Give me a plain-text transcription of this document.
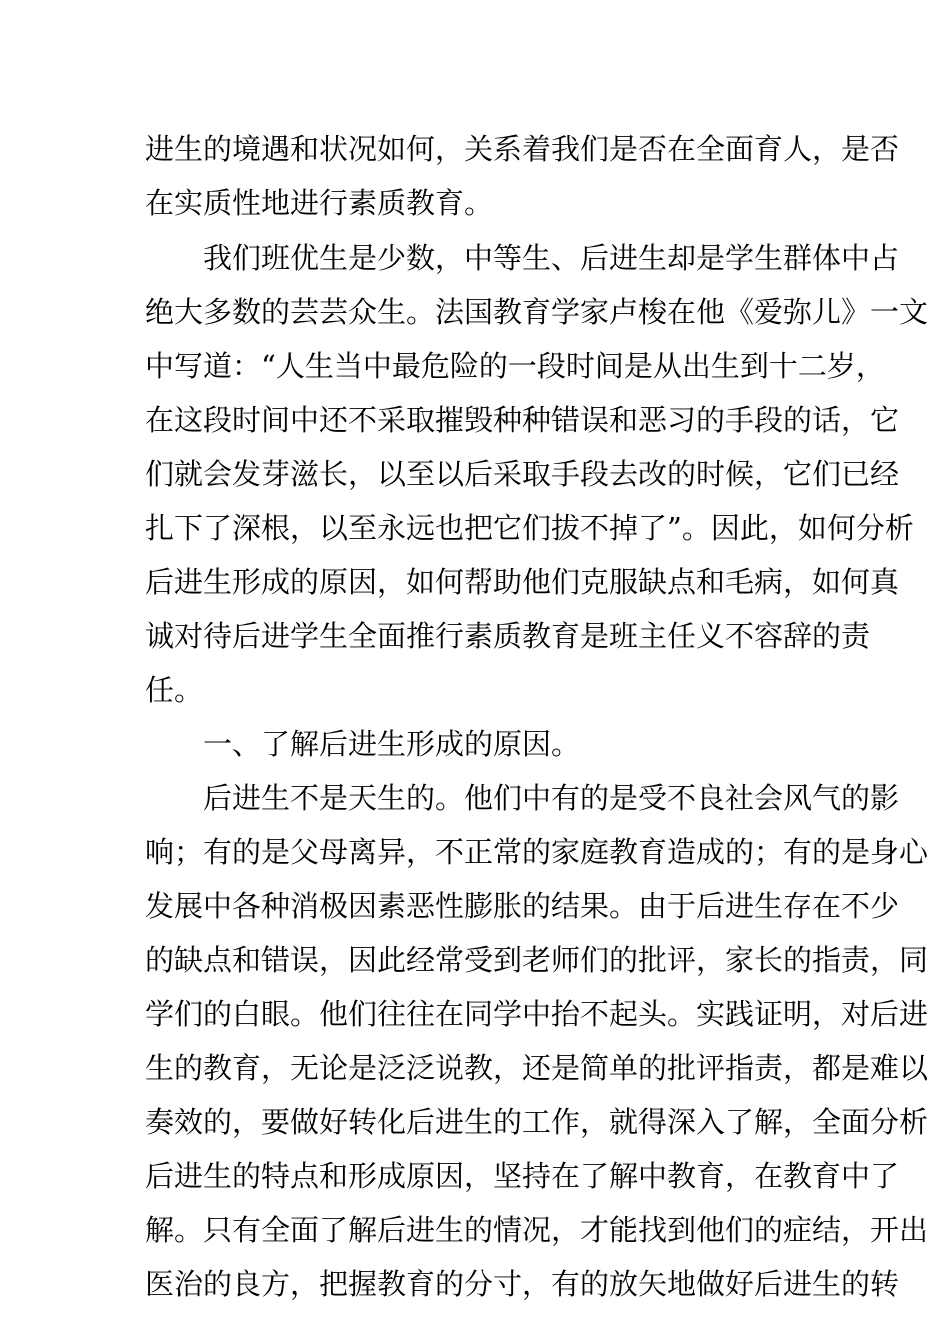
进生的境遇和状况如何，关系着我们是否在全面育人，是否
在实质性地进行素质教育。
我们班优生是少数，中等生、后进生却是学生群体中占
绝大多数的芸芸众生。法国教育学家卢梭在他《爱弥儿》一文
中写道：“人生当中最危险的一段时间是从出生到十二岁，
在这段时间中还不采取摧毁种种错误和恶习的手段的话，它
们就会发芽滋长，以至以后采取手段去改的时候，它们已经
扎下了深根，以至永远也把它们拔不掉了”。因此，如何分析
后进生形成的原因，如何帮助他们克服缺点和毛病，如何真
诚对待后进学生全面推行素质教育是班主任义不容辞的责
任。
一、了解后进生形成的原因。
后进生不是天生的。他们中有的是受不良社会风气的影
响；有的是父母离异，不正常的家庭教育造成的；有的是身心
发展中各种消极因素恶性膨胀的结果。由于后进生存在不少
的缺点和错误，因此经常受到老师们的批评，家长的指责，同
学们的白眼。他们往往在同学中抬不起头。实践证明，对后进
生的教育，无论是泛泛说教，还是简单的批评指责，都是难以
奏效的，要做好转化后进生的工作，就得深入了解，全面分析
后进生的特点和形成原因，坚持在了解中教育，在教育中了
解。只有全面了解后进生的情况，才能找到他们的症结，开出
医治的良方，把握教育的分寸，有的放矢地做好后进生的转
